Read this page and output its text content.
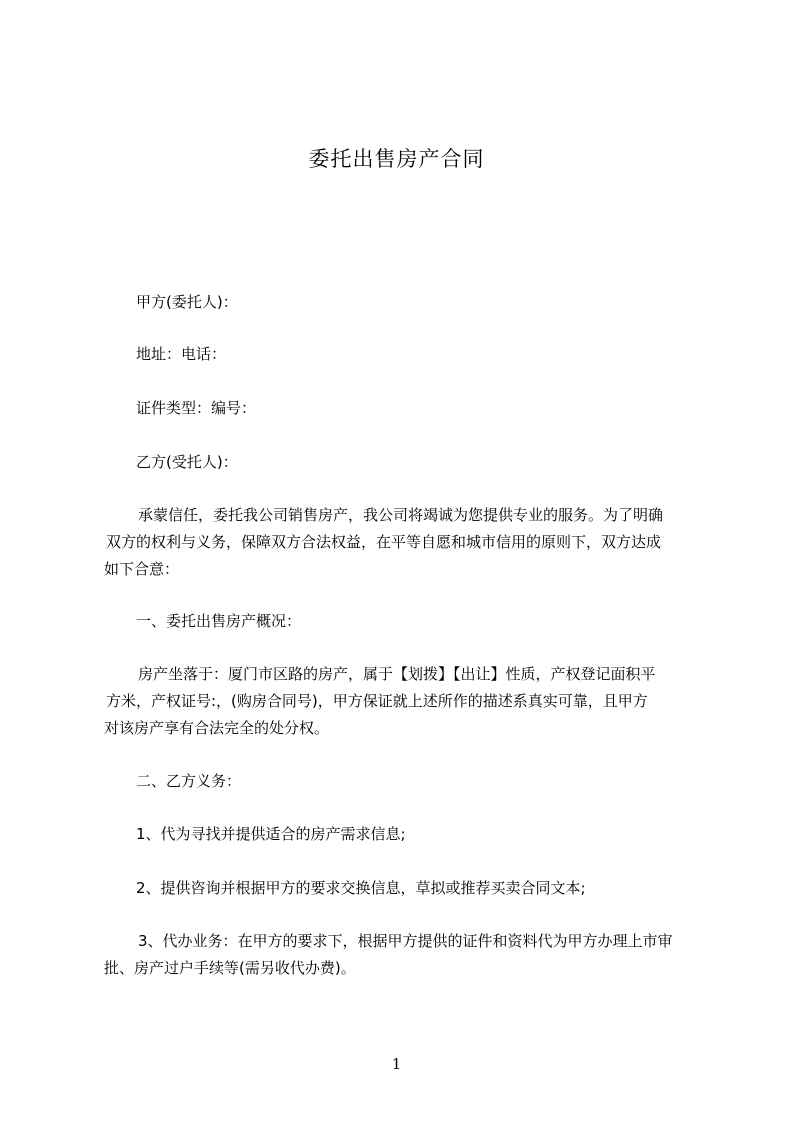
委托出售房产合同
甲方(委托人)：
地址：电话：
证件类型：编号：
乙方(受托人)：
承蒙信任，委托我公司销售房产，我公司将竭诚为您提供专业的服务。为了明确
双方的权利与义务，保障双方合法权益，在平等自愿和城市信用的原则下，双方达成
如下合意：
一、委托出售房产概况：
房产坐落于：厦门市区路的房产，属于【划拨】【出让】性质，产权登记面积平
方米，产权证号:，(购房合同号)，甲方保证就上述所作的描述系真实可靠，且甲方
对该房产享有合法完全的处分权。
二、乙方义务：
1、代为寻找并提供适合的房产需求信息;
2、提供咨询并根据甲方的要求交换信息，草拟或推荐买卖合同文本;
3、代办业务：在甲方的要求下，根据甲方提供的证件和资料代为甲方办理上市审
批、房产过户手续等(需另收代办费)。
1
